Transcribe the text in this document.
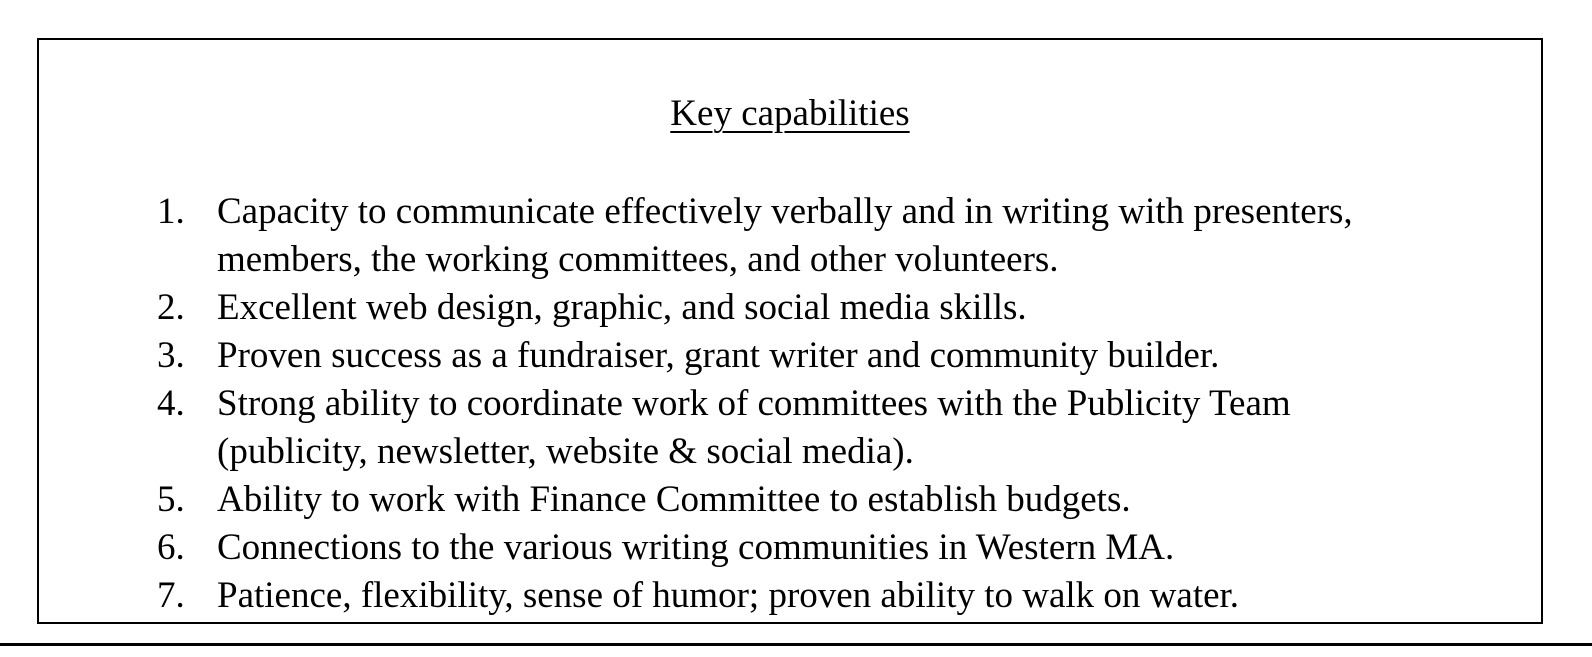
Key capabilities
1. Capacity to communicate effectively verbally and in writing with presenters,
members, the working committees, and other volunteers.
2. Excellent web design, graphic, and social media skills.
3. Proven success as a fundraiser, grant writer and community builder.
4. Strong ability to coordinate work of committees with the Publicity Team
(publicity, newsletter, website & social media).
5. Ability to work with Finance Committee to establish budgets.
6. Connections to the various writing communities in Western MA.
7. Patience, flexibility, sense of humor; proven ability to walk on water.
